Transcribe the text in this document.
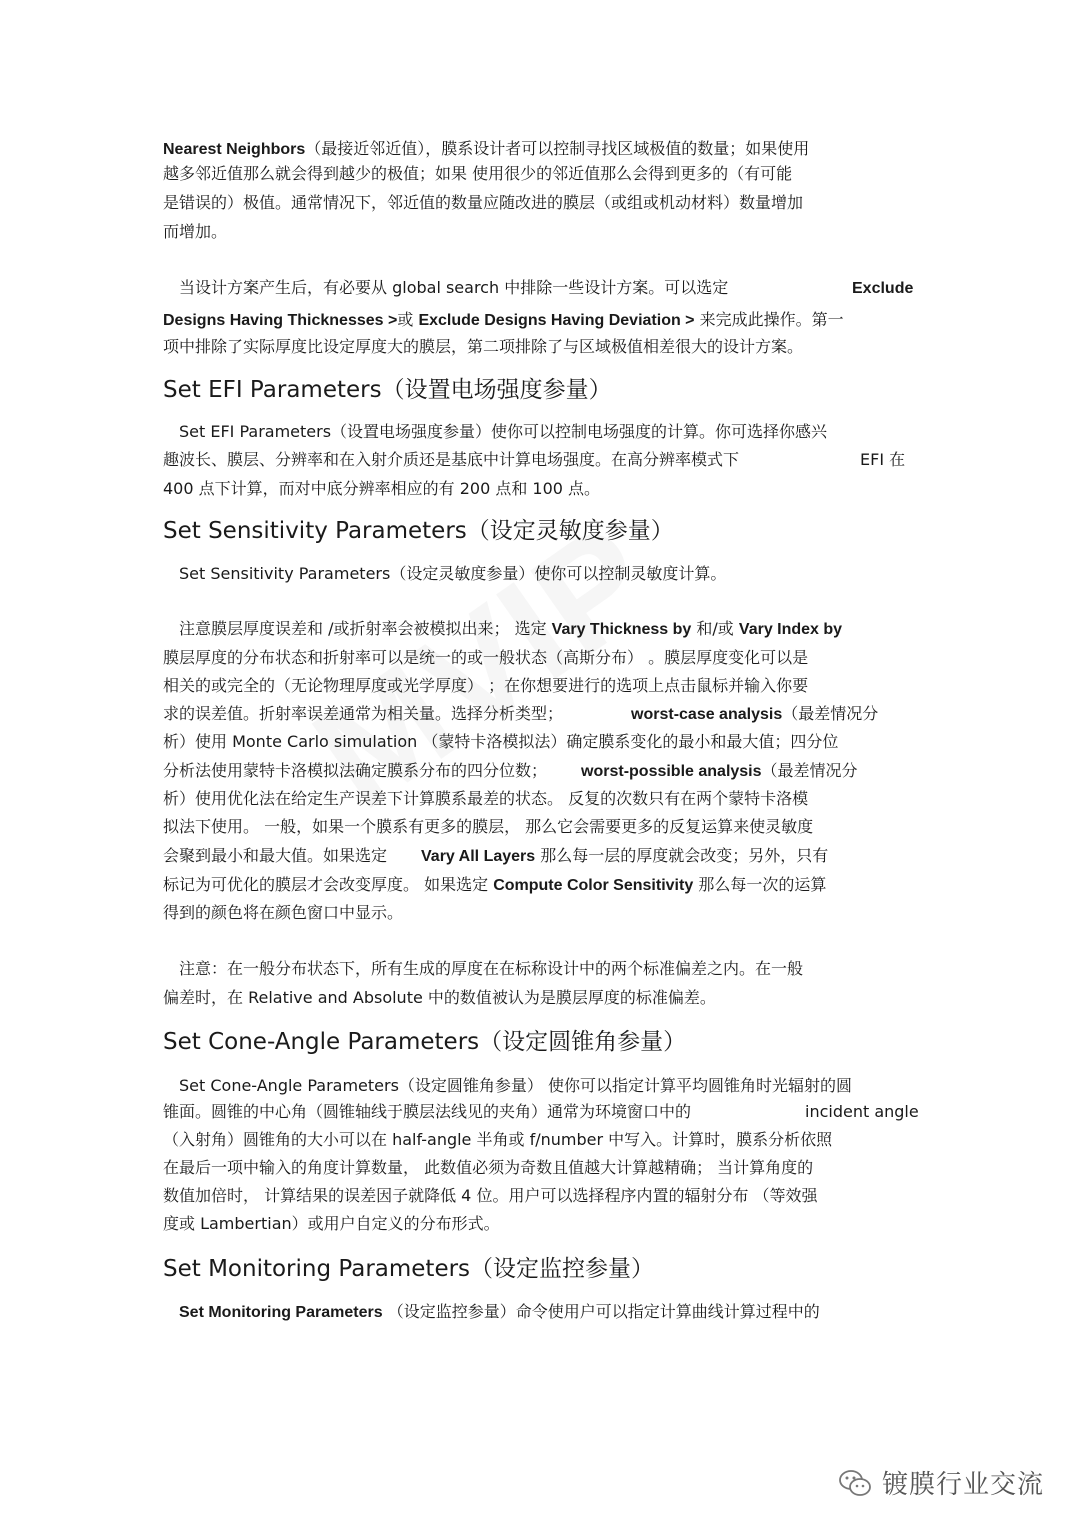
Nearest Neighbors（最接近邻近值），膜系设计者可以控制寻找区域极值的数量；如果使用
越多邻近值那么就会得到越少的极值；如果 使用很少的邻近值那么会得到更多的（有可能
是错误的）极值。通常情况下，邻近值的数量应随改进的膜层（或组或机动材料）数量增加
而增加。
当设计方案产生后，有必要从 global search 中排除一些设计方案。可以选定	Exclude
Designs Having Thicknesses >或 Exclude Designs Having Deviation > 来完成此操作。第一
项中排除了实际厚度比设定厚度大的膜层，第二项排除了与区域极值相差很大的设计方案。
Set EFI Parameters（设置电场强度参量）
Set EFI Parameters（设置电场强度参量）使你可以控制电场强度的计算。你可选择你感兴
趣波长、膜层、分辨率和在入射介质还是基底中计算电场强度。在高分辨率模式下	EFI 在
400 点下计算，而对中底分辨率相应的有 200 点和 100 点。
Set Sensitivity Parameters（设定灵敏度参量）
Set Sensitivity Parameters（设定灵敏度参量）使你可以控制灵敏度计算。
注意膜层厚度误差和 /或折射率会被模拟出来； 选定 Vary Thickness by 和/或 Vary Index by
膜层厚度的分布状态和折射率可以是统一的或一般状态（高斯分布） 。膜层厚度变化可以是
相关的或完全的（无论物理厚度或光学厚度） ；在你想要进行的选项上点击鼠标并输入你要
求的误差值。折射率误差通常为相关量。选择分析类型；	worst-case analysis（最差情况分
析）使用 Monte Carlo simulation （蒙特卡洛模拟法）确定膜系变化的最小和最大值；四分位
分析法使用蒙特卡洛模拟法确定膜系分布的四分位数； worst-possible analysis（最差情况分
析）使用优化法在给定生产误差下计算膜系最差的状态。 反复的次数只有在两个蒙特卡洛模
拟法下使用。 一般，如果一个膜系有更多的膜层， 那么它会需要更多的反复运算来使灵敏度
会聚到最小和最大值。如果选定 Vary All Layers 那么每一层的厚度就会改变；另外，只有
标记为可优化的膜层才会改变厚度。 如果选定 Compute Color Sensitivity 那么每一次的运算
得到的颜色将在颜色窗口中显示。
注意：在一般分布状态下，所有生成的厚度在在标称设计中的两个标准偏差之内。在一般
偏差时，在 Relative and Absolute 中的数值被认为是膜层厚度的标准偏差。
Set Cone-Angle Parameters（设定圆锥角参量）
Set Cone-Angle Parameters（设定圆锥角参量） 使你可以指定计算平均圆锥角时光辐射的圆
锥面。圆锥的中心角（圆锥轴线于膜层法线见的夹角）通常为环境窗口中的	incident angle
（入射角）圆锥角的大小可以在 half-angle 半角或 f/number 中写入。计算时，膜系分析依照
在最后一项中输入的角度计算数量， 此数值必须为奇数且值越大计算越精确； 当计算角度的
数值加倍时， 计算结果的误差因子就降低 4 位。用户可以选择程序内置的辐射分布 （等效强
度或 Lambertian）或用户自定义的分布形式。
Set Monitoring Parameters（设定监控参量）
Set Monitoring Parameters （设定监控参量）命令使用户可以指定计算曲线计算过程中的
镀膜行业交流
